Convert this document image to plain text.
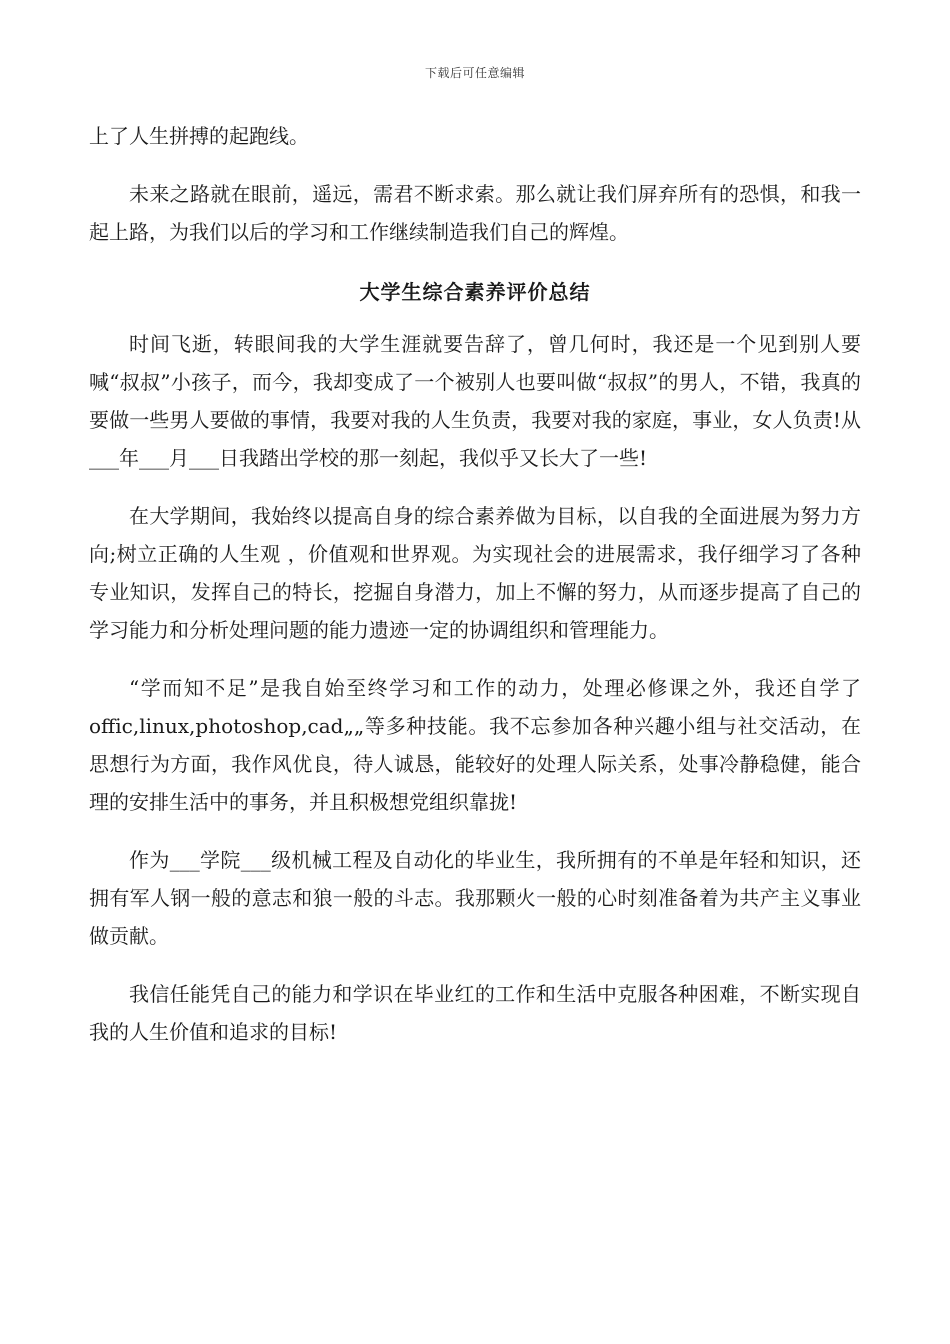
下载后可任意编辑

上了人生拼搏的起跑线。

未来之路就在眼前，遥远，需君不断求索。那么就让我们屏弃所有的恐惧，和我一起上路，为我们以后的学习和工作继续制造我们自己的辉煌。

大学生综合素养评价总结

时间飞逝，转眼间我的大学生涯就要告辞了，曾几何时，我还是一个见到别人要喊“叔叔”小孩子，而今，我却变成了一个被别人也要叫做“叔叔”的男人，不错，我真的要做一些男人要做的事情，我要对我的人生负责，我要对我的家庭，事业，女人负责!从___年___月___日我踏出学校的那一刻起，我似乎又长大了一些!

在大学期间，我始终以提高自身的综合素养做为目标，以自我的全面进展为努力方向;树立正确的人生观 ，价值观和世界观。为实现社会的进展需求，我仔细学习了各种专业知识，发挥自己的特长，挖掘自身潜力，加上不懈的努力，从而逐步提高了自己的学习能力和分析处理问题的能力遗迹一定的协调组织和管理能力。

“学而知不足”是我自始至终学习和工作的动力，处理必修课之外，我还自学了offic,linux,photoshop,cad„„等多种技能。我不忘参加各种兴趣小组与社交活动，在思想行为方面，我作风优良，待人诚恳，能较好的处理人际关系，处事冷静稳健，能合理的安排生活中的事务，并且积极想党组织靠拢!

作为___学院___级机械工程及自动化的毕业生，我所拥有的不单是年轻和知识，还拥有军人钢一般的意志和狼一般的斗志。我那颗火一般的心时刻准备着为共产主义事业做贡献。

我信任能凭自己的能力和学识在毕业红的工作和生活中克服各种困难，不断实现自我的人生价值和追求的目标!
